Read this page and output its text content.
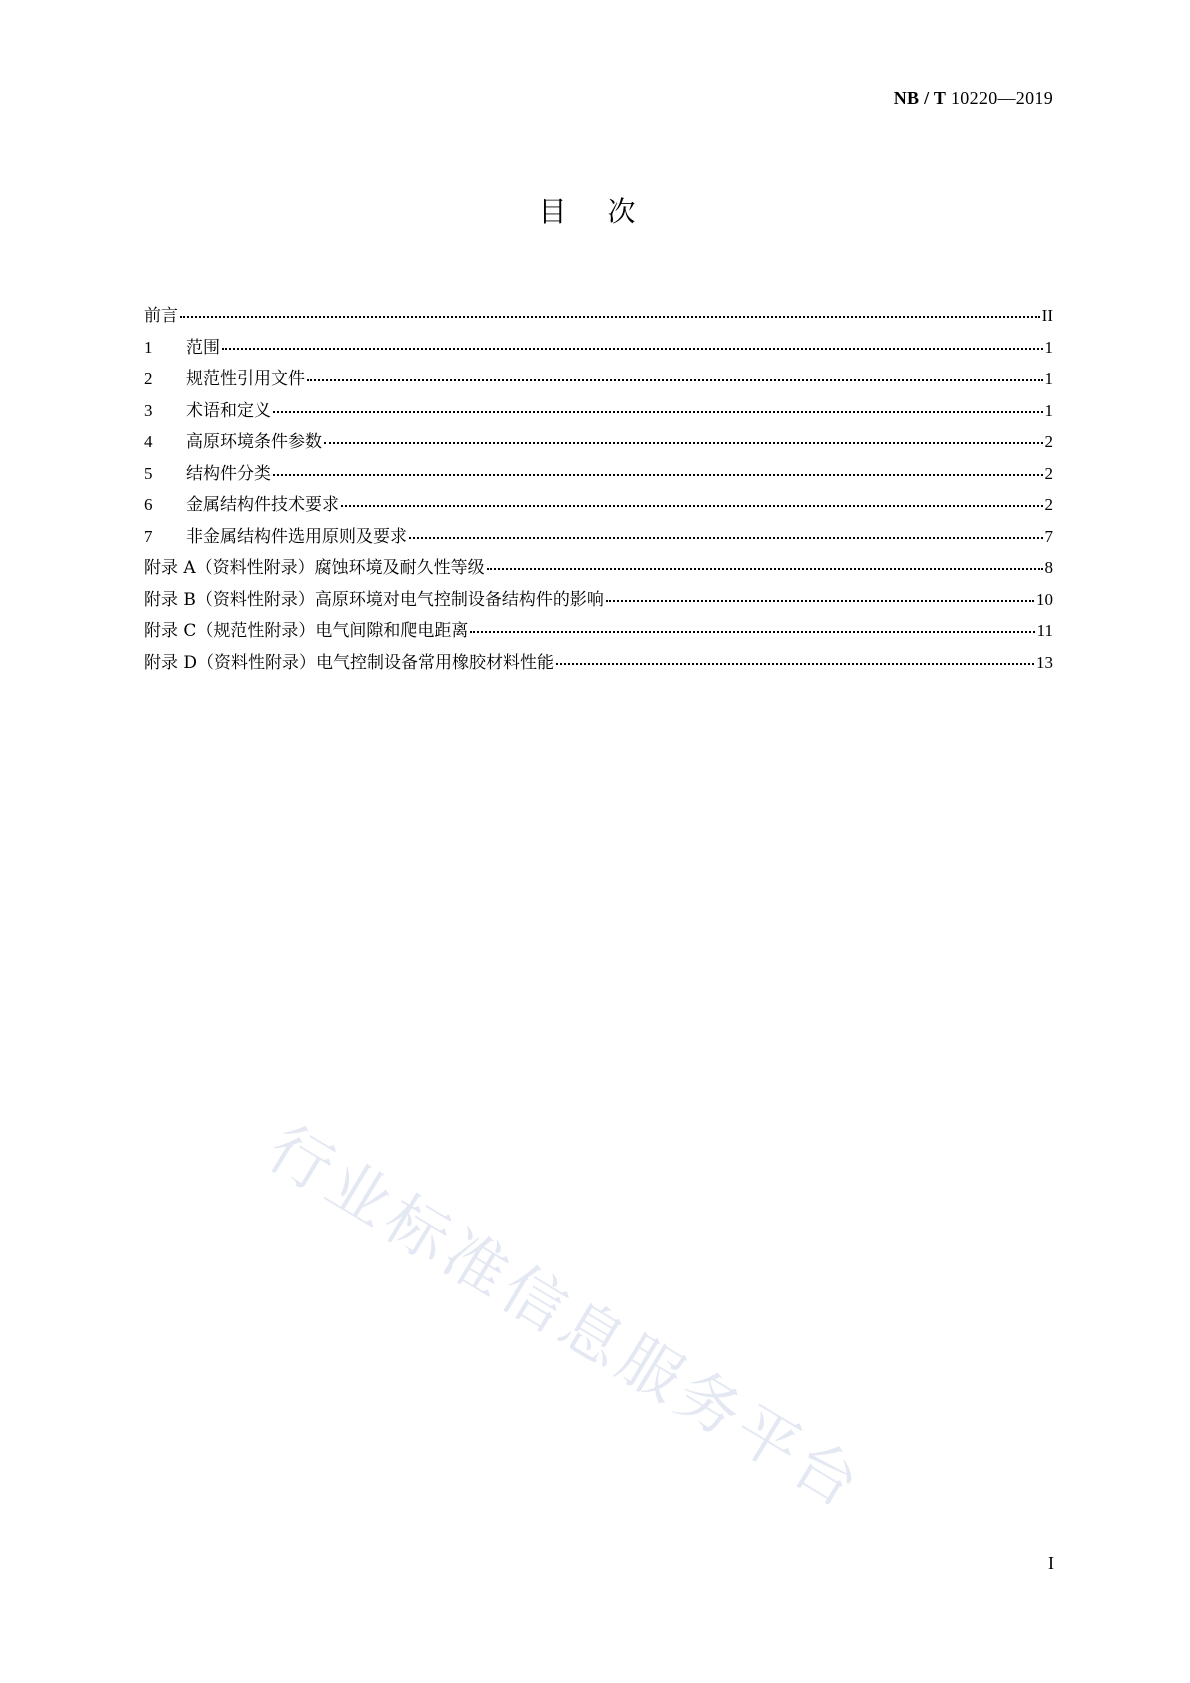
NB / T 10220—2019
目 次
前言	II
1	范围	1
2	规范性引用文件	1
3	术语和定义	1
4	高原环境条件参数	2
5	结构件分类	2
6	金属结构件技术要求	2
7	非金属结构件选用原则及要求	7
附录 A（资料性附录）腐蚀环境及耐久性等级	8
附录 B（资料性附录）高原环境对电气控制设备结构件的影响	10
附录 C（规范性附录）电气间隙和爬电距离	11
附录 D（资料性附录）电气控制设备常用橡胶材料性能	13
行业标准信息服务平台
I
